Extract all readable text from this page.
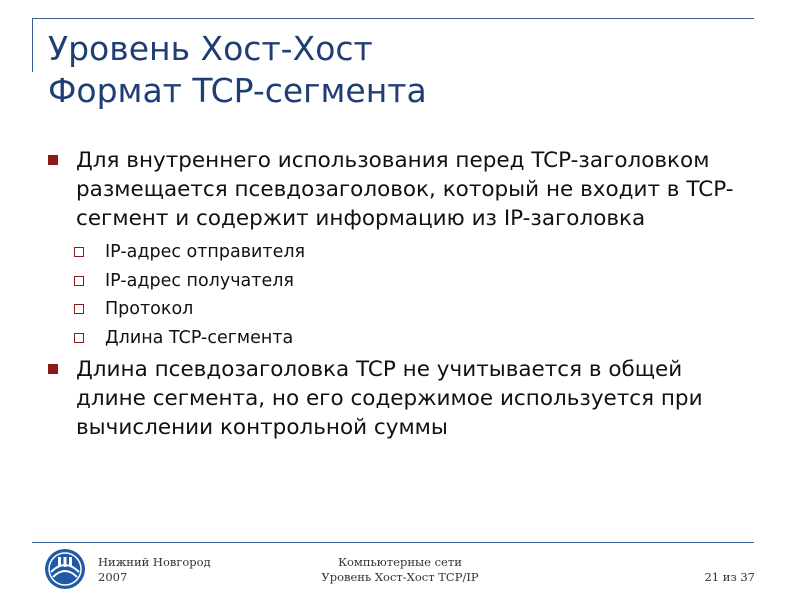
Уровень Хост-Хост
Формат TCP-сегмента
Для внутреннего использования перед TCP-заголовком размещается псевдозаголовок, который не входит в TCP-сегмент и содержит информацию из IP-заголовка
IP-адрес отправителя
IP-адрес получателя
Протокол
Длина TCP-сегмента
Длина псевдозаголовка TCP не учитывается в общей длине сегмента, но его содержимое используется при вычислении контрольной суммы
Нижний Новгород
2007
Компьютерные сети
Уровень Хост-Хост TCP/IP	21 из 37
